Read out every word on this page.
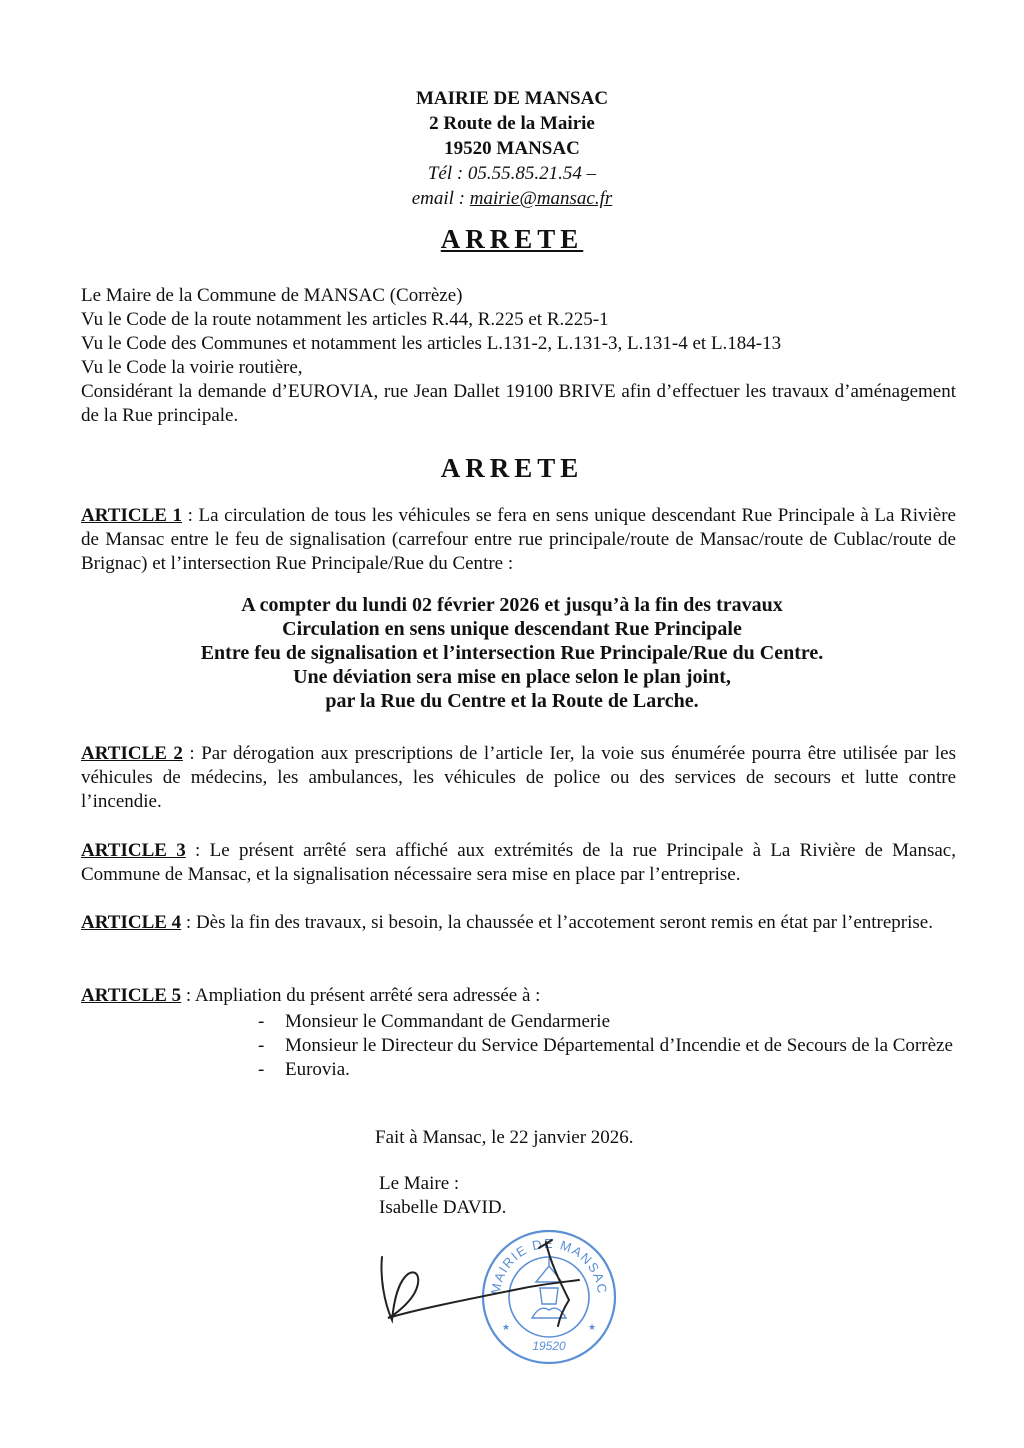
MAIRIE DE MANSAC
2 Route de la Mairie
19520 MANSAC
Tél : 05.55.85.21.54 –
email : mairie@mansac.fr
ARRETE
Le Maire de la Commune de MANSAC (Corrèze)
Vu le Code de la route notamment les articles R.44, R.225 et R.225-1
Vu le Code des Communes et notamment les articles L.131-2, L.131-3, L.131-4 et L.184-13
Vu le Code la voirie routière,
Considérant la demande d’EUROVIA, rue Jean Dallet 19100 BRIVE afin d’effectuer les travaux d’aménagement de la Rue principale.
ARRETE
ARTICLE 1 : La circulation de tous les véhicules se fera en sens unique descendant Rue Principale à La Rivière de Mansac entre le feu de signalisation (carrefour entre rue principale/route de Mansac/route de Cublac/route de Brignac) et l’intersection Rue Principale/Rue du Centre :
A compter du lundi 02 février 2026 et jusqu’à la fin des travaux
Circulation en sens unique descendant Rue Principale
Entre feu de signalisation et l’intersection Rue Principale/Rue du Centre.
Une déviation sera mise en place selon le plan joint,
par la Rue du Centre et la Route de Larche.
ARTICLE 2 : Par dérogation aux prescriptions de l’article Ier, la voie sus énumérée pourra être utilisée par les véhicules de médecins, les ambulances, les véhicules de police ou des services de secours et lutte contre l’incendie.
ARTICLE 3 : Le présent arrêté sera affiché aux extrémités de la rue Principale à La Rivière de Mansac, Commune de Mansac, et la signalisation nécessaire sera mise en place par l’entreprise.
ARTICLE 4 : Dès la fin des travaux, si besoin, la chaussée et l’accotement seront remis en état par l’entreprise.
ARTICLE 5 : Ampliation du présent arrêté sera adressée à :
- Monsieur le Commandant de Gendarmerie
- Monsieur le Directeur du Service Départemental d’Incendie et de Secours de la Corrèze
- Eurovia.
Fait à Mansac, le 22 janvier 2026.
Le Maire :
Isabelle DAVID.
MAIRIE DE MANSAC
19520
★	★
